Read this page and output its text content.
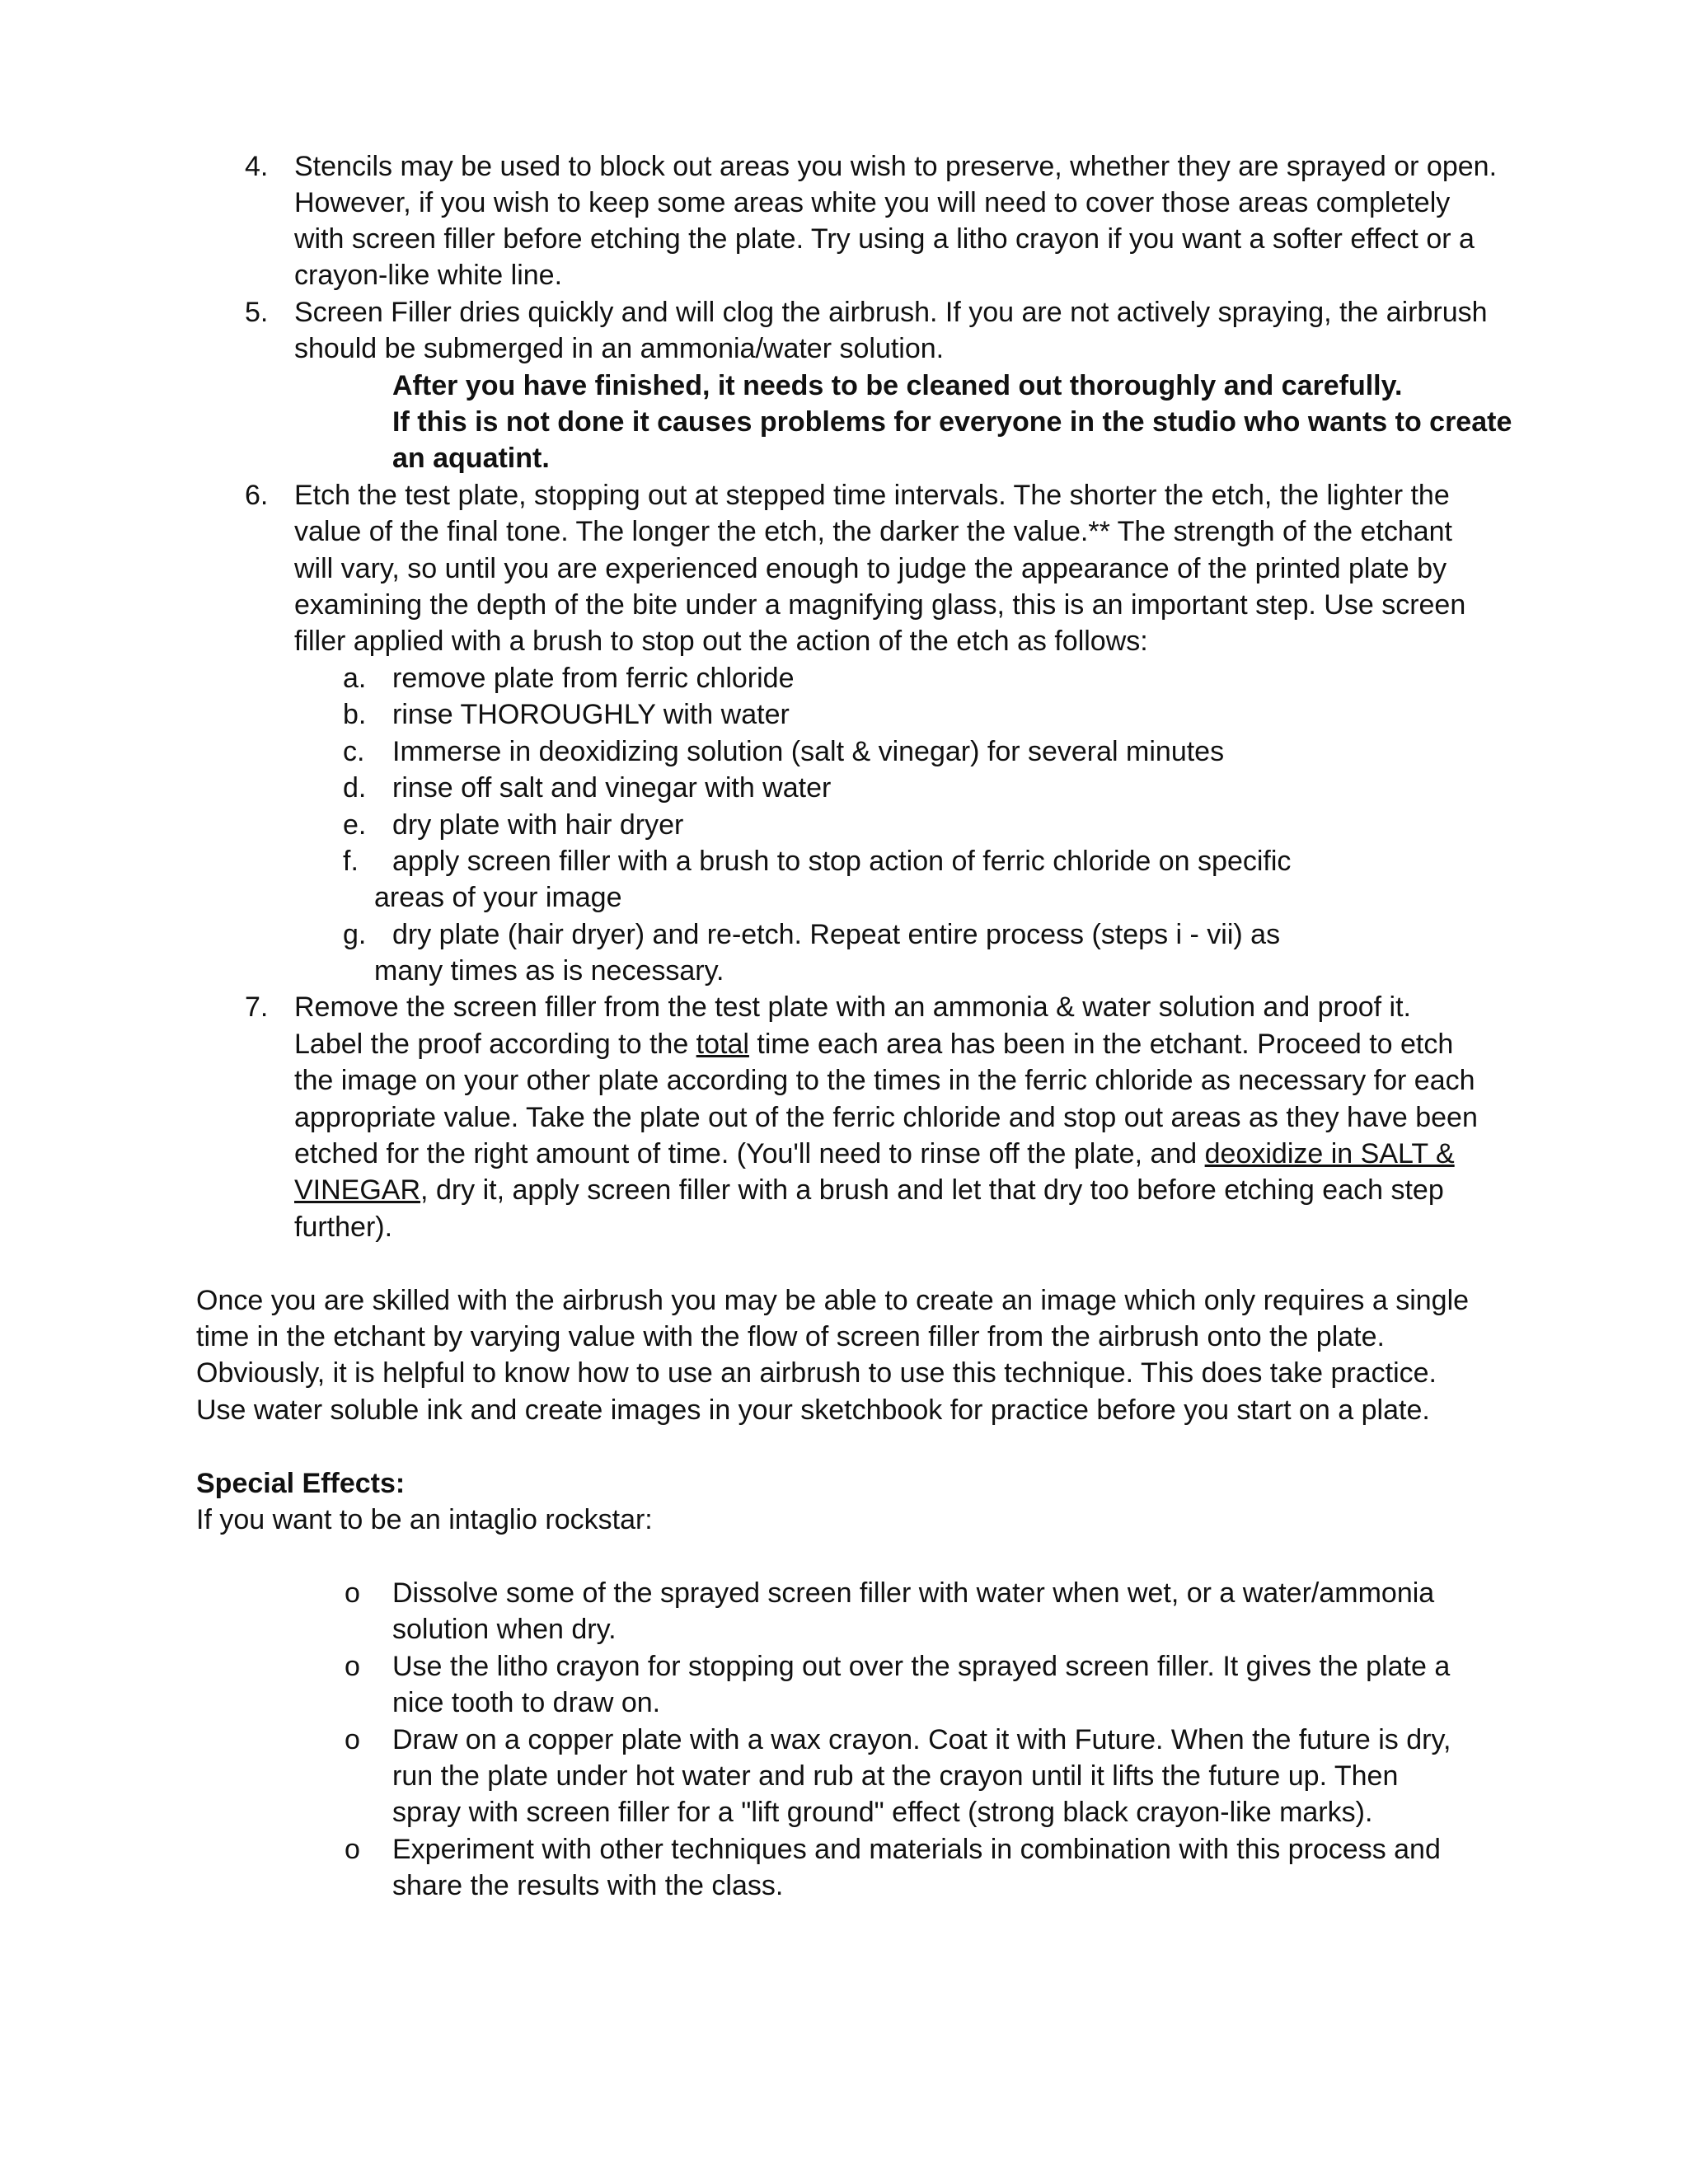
4. Stencils may be used to block out areas you wish to preserve, whether they are sprayed or open.
However, if you wish to keep some areas white you will need to cover those areas completely
with screen filler before etching the plate. Try using a litho crayon if you want a softer effect or a
crayon-like white line.
5. Screen Filler dries quickly and will clog the airbrush. If you are not actively spraying, the airbrush
should be submerged in an ammonia/water solution.
After you have finished, it needs to be cleaned out thoroughly and carefully.
If this is not done it causes problems for everyone in the studio who wants to create
an aquatint.
6. Etch the test plate, stopping out at stepped time intervals. The shorter the etch, the lighter the
value of the final tone. The longer the etch, the darker the value.** The strength of the etchant
will vary, so until you are experienced enough to judge the appearance of the printed plate by
examining the depth of the bite under a magnifying glass, this is an important step. Use screen
filler applied with a brush to stop out the action of the etch as follows:
a. remove plate from ferric chloride
b. rinse THOROUGHLY with water
c. Immerse in deoxidizing solution (salt & vinegar) for several minutes
d. rinse off salt and vinegar with water
e. dry plate with hair dryer
f. apply screen filler with a brush to stop action of ferric chloride on specific
areas of your image
g. dry plate (hair dryer) and re-etch. Repeat entire process (steps i - vii) as
many times as is necessary.
7. Remove the screen filler from the test plate with an ammonia & water solution and proof it.
Label the proof according to the total time each area has been in the etchant. Proceed to etch
the image on your other plate according to the times in the ferric chloride as necessary for each
appropriate value. Take the plate out of the ferric chloride and stop out areas as they have been
etched for the right amount of time. (You'll need to rinse off the plate, and deoxidize in SALT &
VINEGAR, dry it, apply screen filler with a brush and let that dry too before etching each step
further).
Once you are skilled with the airbrush you may be able to create an image which only requires a single
time in the etchant by varying value with the flow of screen filler from the airbrush onto the plate.
Obviously, it is helpful to know how to use an airbrush to use this technique. This does take practice.
Use water soluble ink and create images in your sketchbook for practice before you start on a plate.
Special Effects:
If you want to be an intaglio rockstar:
o Dissolve some of the sprayed screen filler with water when wet, or a water/ammonia
solution when dry.
o Use the litho crayon for stopping out over the sprayed screen filler. It gives the plate a
nice tooth to draw on.
o Draw on a copper plate with a wax crayon. Coat it with Future. When the future is dry,
run the plate under hot water and rub at the crayon until it lifts the future up. Then
spray with screen filler for a "lift ground" effect (strong black crayon-like marks).
o Experiment with other techniques and materials in combination with this process and
share the results with the class.
